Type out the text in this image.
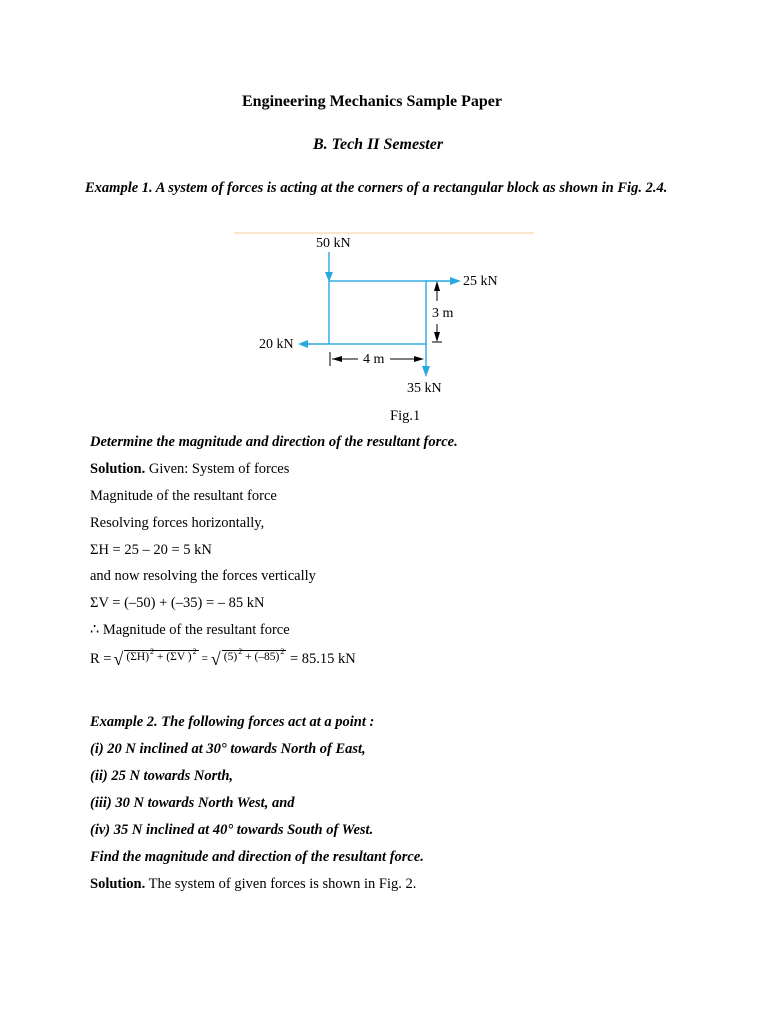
Engineering Mechanics Sample Paper
B. Tech II Semester
Example 1. A system of forces is acting at the corners of a rectangular block as shown in Fig. 2.4.
50 kN
25 kN
3 m
20 kN
4 m
35 kN
Fig.1
Determine the magnitude and direction of the resultant force.
Solution. Given: System of forces
Magnitude of the resultant force
Resolving forces horizontally,
ΣH = 25 – 20 = 5 kN
and now resolving the forces vertically
ΣV = (–50) + (–35) = – 85 kN
∴ Magnitude of the resultant force
R = √ $(\Sigma H)^2 + (\Sigma V$ )$^2$
= √ $(5)^2 + (-85)^2 = 85.15$ kN
Example 2. The following forces act at a point :
(i) 20 N inclined at 30° towards North of East,
(ii) 25 N towards North,
(iii) 30 N towards North West, and
(iv) 35 N inclined at 40° towards South of West.
Find the magnitude and direction of the resultant force.
Solution. The system of given forces is shown in Fig. 2.
